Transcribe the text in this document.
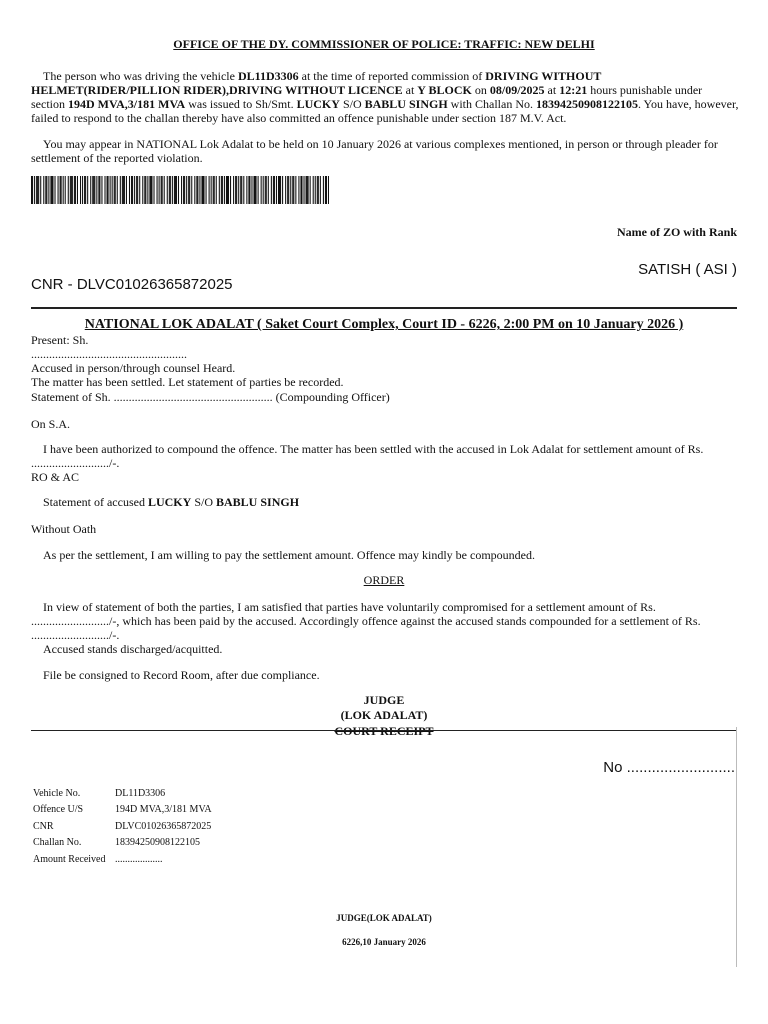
OFFICE OF THE DY. COMMISSIONER OF POLICE: TRAFFIC: NEW DELHI

The person who was driving the vehicle DL11D3306 at the time of reported commission of DRIVING WITHOUT HELMET(RIDER/PILLION RIDER),DRIVING WITHOUT LICENCE at Y BLOCK on 08/09/2025 at 12:21 hours punishable under section 194D MVA,3/181 MVA was issued to Sh/Smt. LUCKY S/O BABLU SINGH with Challan No. 18394250908122105. You have, however, failed to respond to the challan thereby have also committed an offence punishable under section 187 M.V. Act.

You may appear in NATIONAL Lok Adalat to be held on 10 January 2026 at various complexes mentioned, in person or through pleader for settlement of the reported violation.

Name of ZO with Rank
SATISH ( ASI )
CNR - DLVC01026365872025
NATIONAL LOK ADALAT ( Saket Court Complex, Court ID - 6226, 2:00 PM on 10 January 2026 )

Present: Sh.

....................................................

Accused in person/through counsel Heard.

The matter has been settled. Let statement of parties be recorded.

Statement of Sh. ..................................................... (Compounding Officer)

On S.A.

I have been authorized to compound the offence. The matter has been settled with the accused in Lok Adalat for settlement amount of Rs. ........................../-.

RO & AC

Statement of accused LUCKY S/O BABLU SINGH

Without Oath

As per the settlement, I am willing to pay the settlement amount. Offence may kindly be compounded.

ORDER

In view of statement of both the parties, I am satisfied that parties have voluntarily compromised for a settlement amount of Rs. ........................../-, which has been paid by the accused. Accordingly offence against the accused stands compounded for a settlement of Rs. ........................../-.

Accused stands discharged/acquitted.

File be consigned to Record Room, after due compliance.

JUDGE
(LOK ADALAT)
COURT RECEIPT
No ..........................
Vehicle No.	DL11D3306
Offence U/S	194D MVA,3/181 MVA
CNR	DLVC01026365872025
Challan No.	18394250908122105
Amount Received	...................
JUDGE(LOK ADALAT)
6226,10 January 2026
